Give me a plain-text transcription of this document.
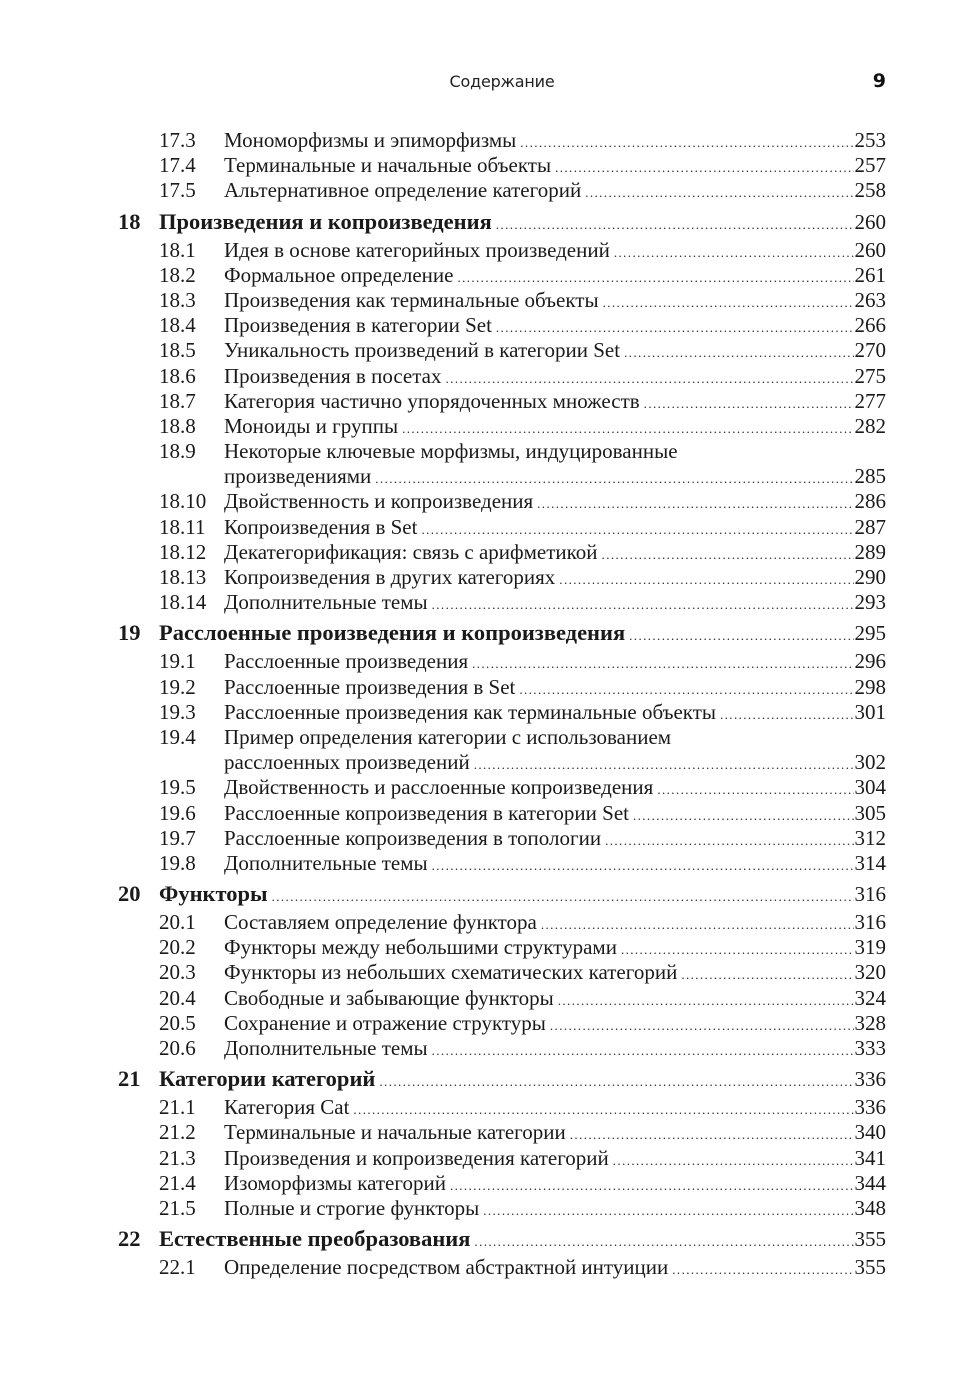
Содержание	9
17.3	Мономорфизмы и эпиморфизмы .....	253
17.4	Терминальные и начальные объекты .....	257
17.5	Альтернативное определение категорий .....	258
18 Произведения и копроизведения .....	260
18.1	Идея в основе категорийных произведений .....	260
18.2	Формальное определение .....	261
18.3	Произведения как терминальные объекты .....	263
18.4	Произведения в категории Set .....	266
18.5	Уникальность произведений в категории Set .....	270
18.6	Произведения в посетах .....	275
18.7	Категория частично упорядоченных множеств .....	277
18.8	Моноиды и группы .....	282
18.9	Некоторые ключевые морфизмы, индуцированные
произведениями .....	285
18.10 Двойственность и копроизведения .....	286
18.11 Копроизведения в Set .....	287
18.12 Декатегорификация: связь с арифметикой .....	289
18.13 Копроизведения в других категориях .....	290
18.14 Дополнительные темы .....	293
19 Расслоенные произведения и копроизведения .....	295
19.1	Расслоенные произведения .....	296
19.2	Расслоенные произведения в Set .....	298
19.3	Расслоенные произведения как терминальные объекты .....	301
19.4	Пример определения категории с использованием
расслоенных произведений .....	302
19.5	Двойственность и расслоенные копроизведения .....	304
19.6	Расслоенные копроизведения в категории Set .....	305
19.7	Расслоенные копроизведения в топологии .....	312
19.8	Дополнительные темы .....	314
20 Функторы .....	316
20.1	Составляем определение функтора .....	316
20.2	Функторы между небольшими структурами .....	319
20.3	Функторы из небольших схематических категорий .....	320
20.4	Свободные и забывающие функторы .....	324
20.5	Сохранение и отражение структуры .....	328
20.6	Дополнительные темы .....	333
21 Категории категорий .....	336
21.1	Категория Cat .....	336
21.2	Терминальные и начальные категории .....	340
21.3	Произведения и копроизведения категорий .....	341
21.4	Изоморфизмы категорий .....	344
21.5	Полные и строгие функторы .....	348
22 Естественные преобразования .....	355
22.1	Определение посредством абстрактной интуиции .....	355
